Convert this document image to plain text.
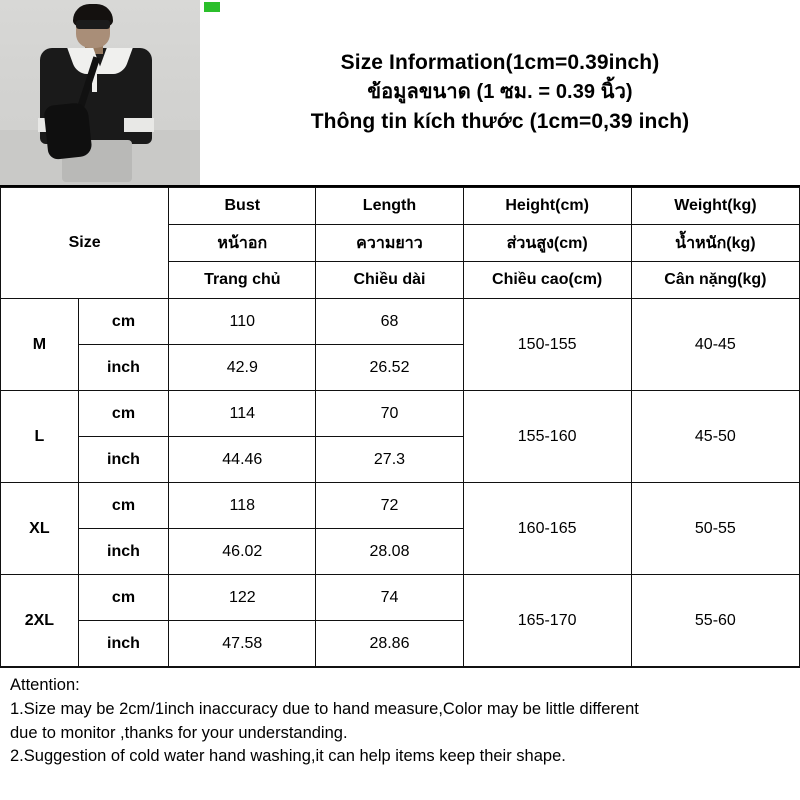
Size Information(1cm=0.39inch)
ข้อมูลขนาด (1 ซม. = 0.39 นิ้ว)
Thông tin kích thước (1cm=0,39 inch)
Size		Bust	Length	Height(cm)	Weight(kg)
		หน้าอก	ความยาว	ส่วนสูง(cm)	น้ำหนัก(kg)
		Trang chủ	Chiều dài	Chiều cao(cm)	Cân nặng(kg)
M	cm	110	68	150-155	40-45
	inch	42.9	26.52		
L	cm	114	70	155-160	45-50
	inch	44.46	27.3		
XL	cm	118	72	160-165	50-55
	inch	46.02	28.08		
2XL	cm	122	74	165-170	55-60
	inch	47.58	28.86		

Attention:

1.Size may be 2cm/1inch inaccuracy due to hand measure,Color may be little different

due to monitor ,thanks for your understanding.

2.Suggestion of cold water hand washing,it can help items keep their shape.
